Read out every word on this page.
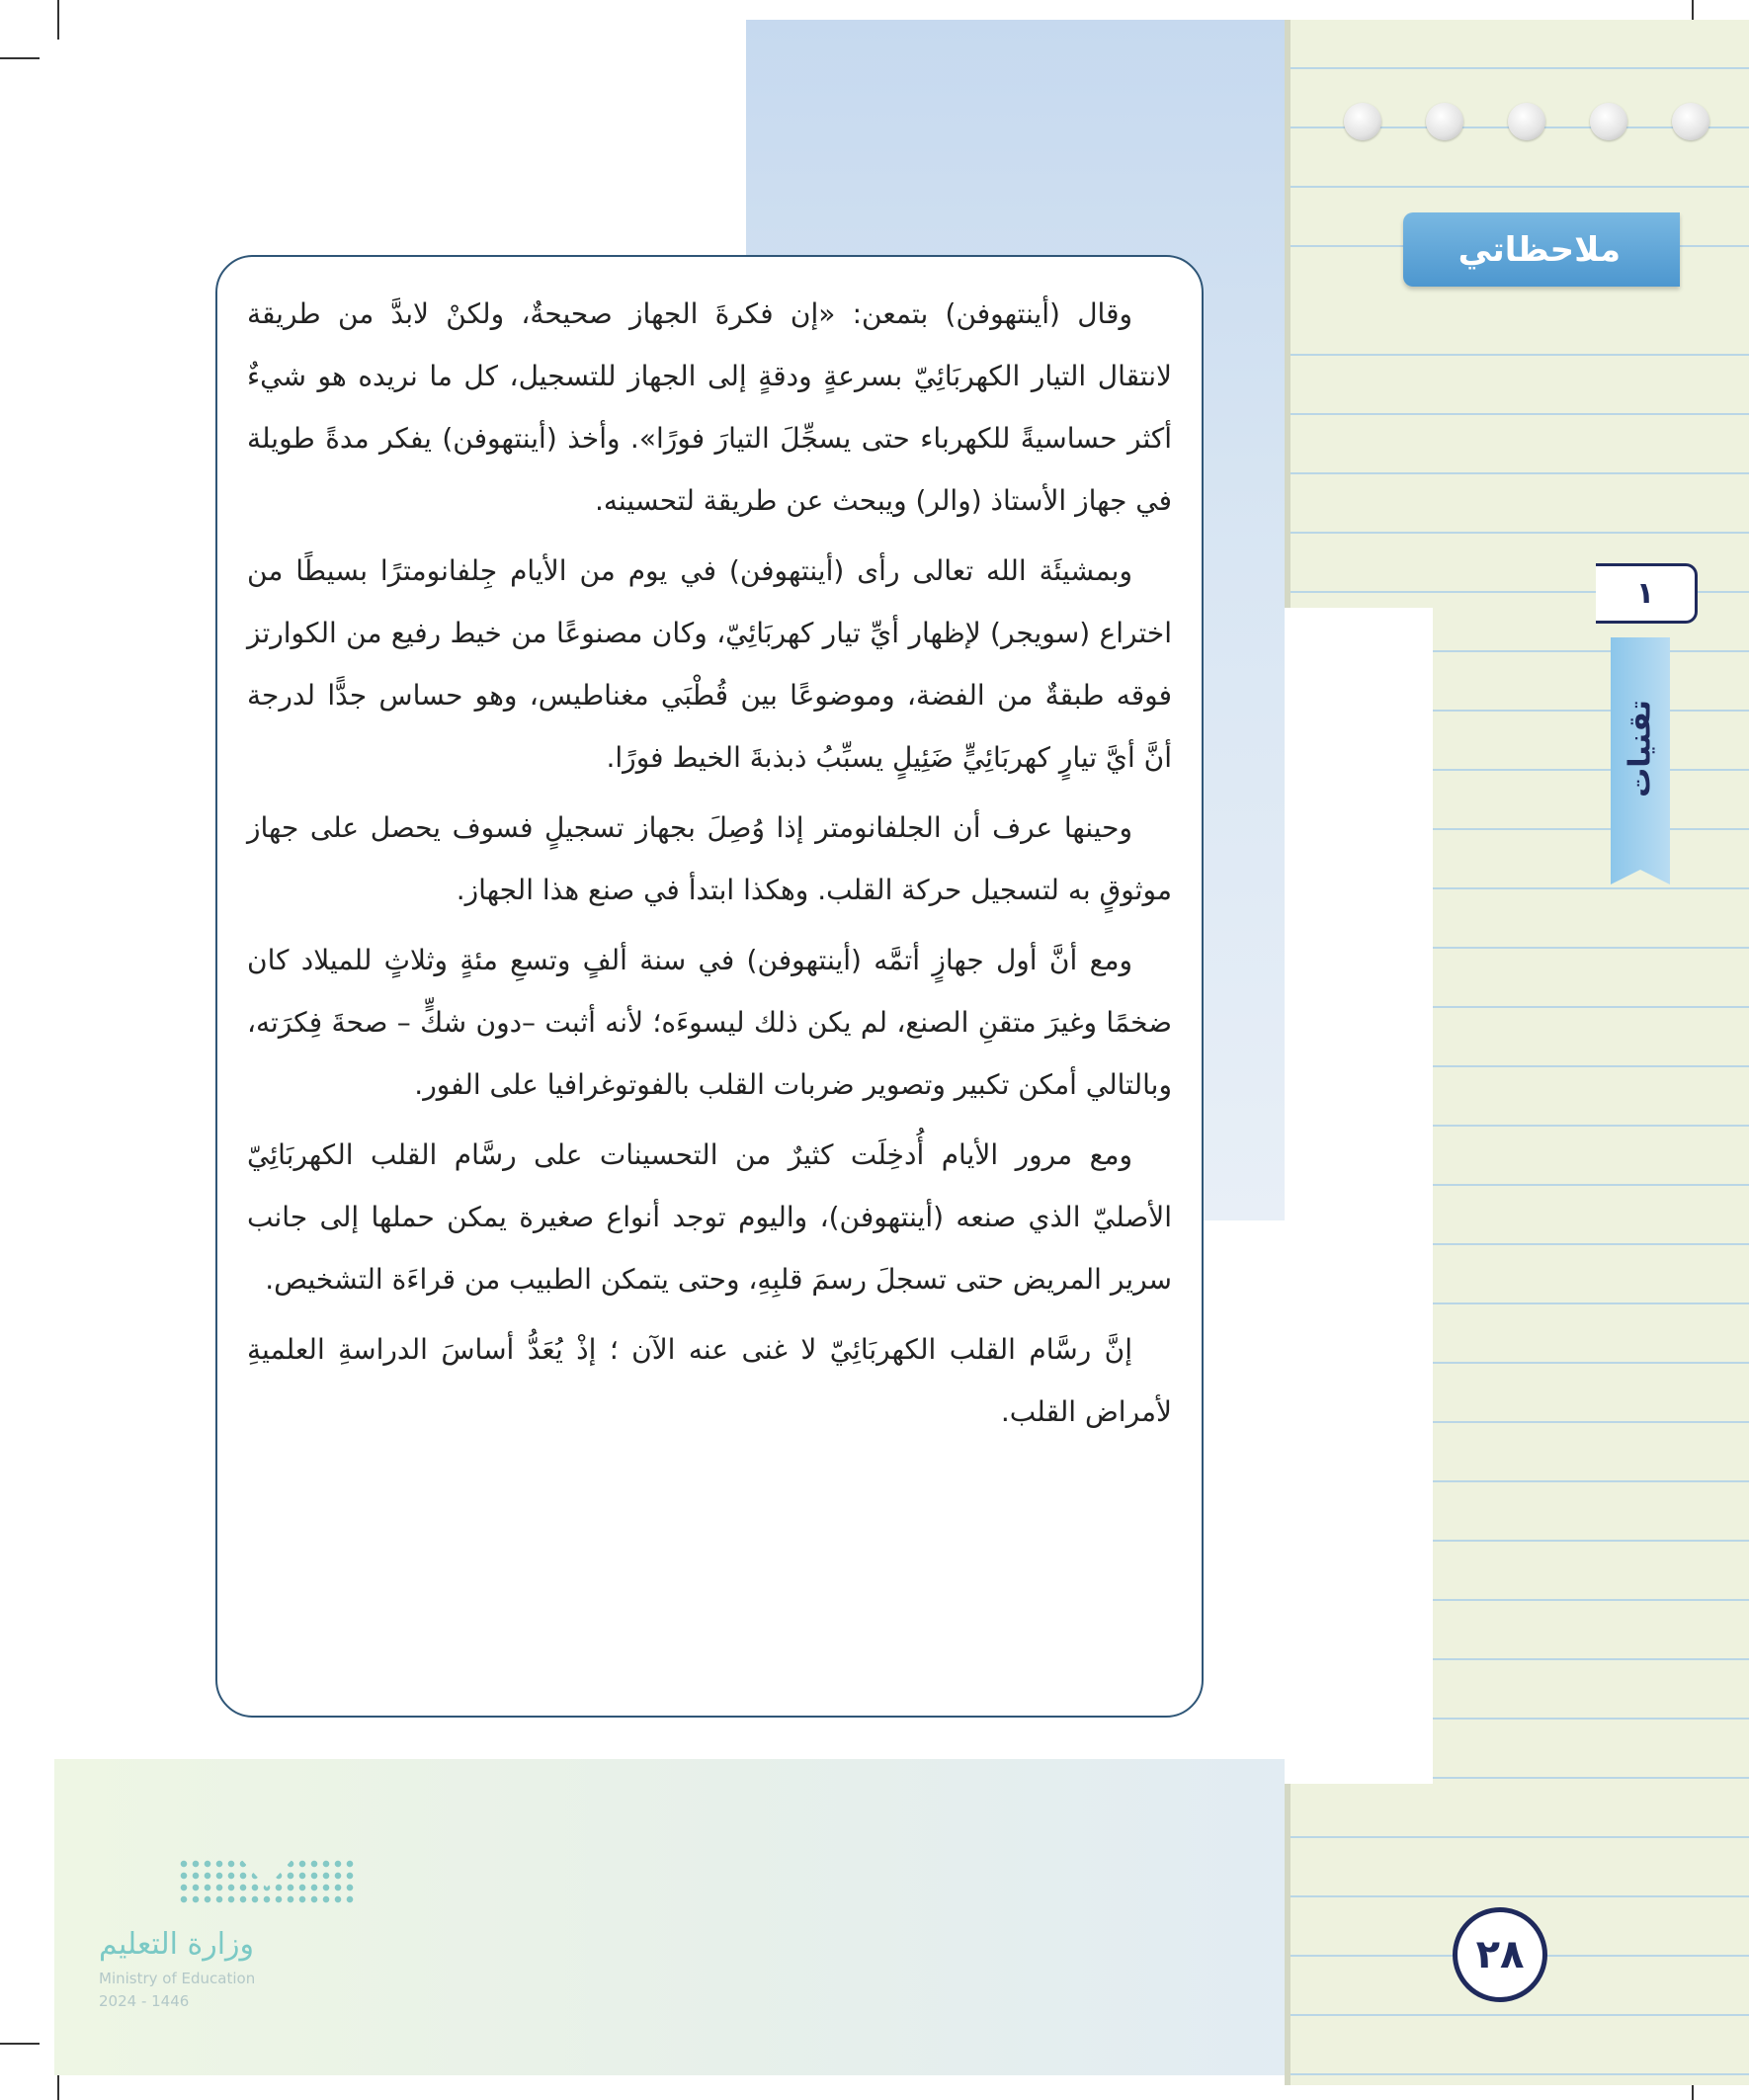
ملاحظاتي
١
تقنيات

وقال (أينتهوفن) بتمعن: «إن فكرةَ الجهاز صحيحةٌ، ولكنْ لابدَّ من طريقة لانتقال التيار الكهربَائِيّ بسرعةٍ ودقةٍ إلى الجهاز للتسجيل، كل ما نريده هو شيءٌ أكثر حساسيةً للكهرباء حتى يسجِّلَ التيارَ فورًا». وأخذ (أينتهوفن) يفكر مدةً طويلة في جهاز الأستاذ (والر) ويبحث عن طريقة لتحسينه.

وبمشيئَة الله تعالى رأى (أينتهوفن) في يوم من الأيام جِلفانومترًا بسيطًا من اختراع (سويجر) لإظهار أيِّ تيار كهربَائِيّ، وكان مصنوعًا من خيط رفيع من الكوارتز فوقه طبقةٌ من الفضة، وموضوعًا بين قُطْبَي مغناطيس، وهو حساس جدًّا لدرجة أنَّ أيَّ تيارٍ كهربَائِيٍّ ضَئِيلٍ يسبِّبُ ذبذبةَ الخيط فورًا.

وحينها عرف أن الجلفانومتر إذا وُصِلَ بجهاز تسجيلٍ فسوف يحصل على جهاز موثوقٍ به لتسجيل حركة القلب. وهكذا ابتدأ في صنع هذا الجهاز.

ومع أنَّ أول جهازٍ أتمَّه (أينتهوفن) في سنة ألفٍ وتسعِ مئةٍ وثلاثٍ للميلاد كان ضخمًا وغيرَ متقنِ الصنع، لم يكن ذلك ليسوءَه؛ لأنه أثبت –دون شكٍّ – صحةَ فِكرَته، وبالتالي أمكن تكبير وتصوير ضربات القلب بالفوتوغرافيا على الفور.

ومع مرور الأيام أُدخِلَت كثيرٌ من التحسينات على رسَّام القلب الكهربَائِيّ الأصليّ الذي صنعه (أينتهوفن)، واليوم توجد أنواع صغيرة يمكن حملها إلى جانب سرير المريض حتى تسجلَ رسمَ قلبِهِ، وحتى يتمكن الطبيب من قراءَة التشخيص.

إنَّ رسَّام القلب الكهربَائِيّ لا غنى عنه الآن ؛ إذْ يُعَدُّ أساسَ الدراسةِ العلميةِ لأمراض القلب.

٢٨
وزارة التعليم
Ministry of Education
2024 - 1446
